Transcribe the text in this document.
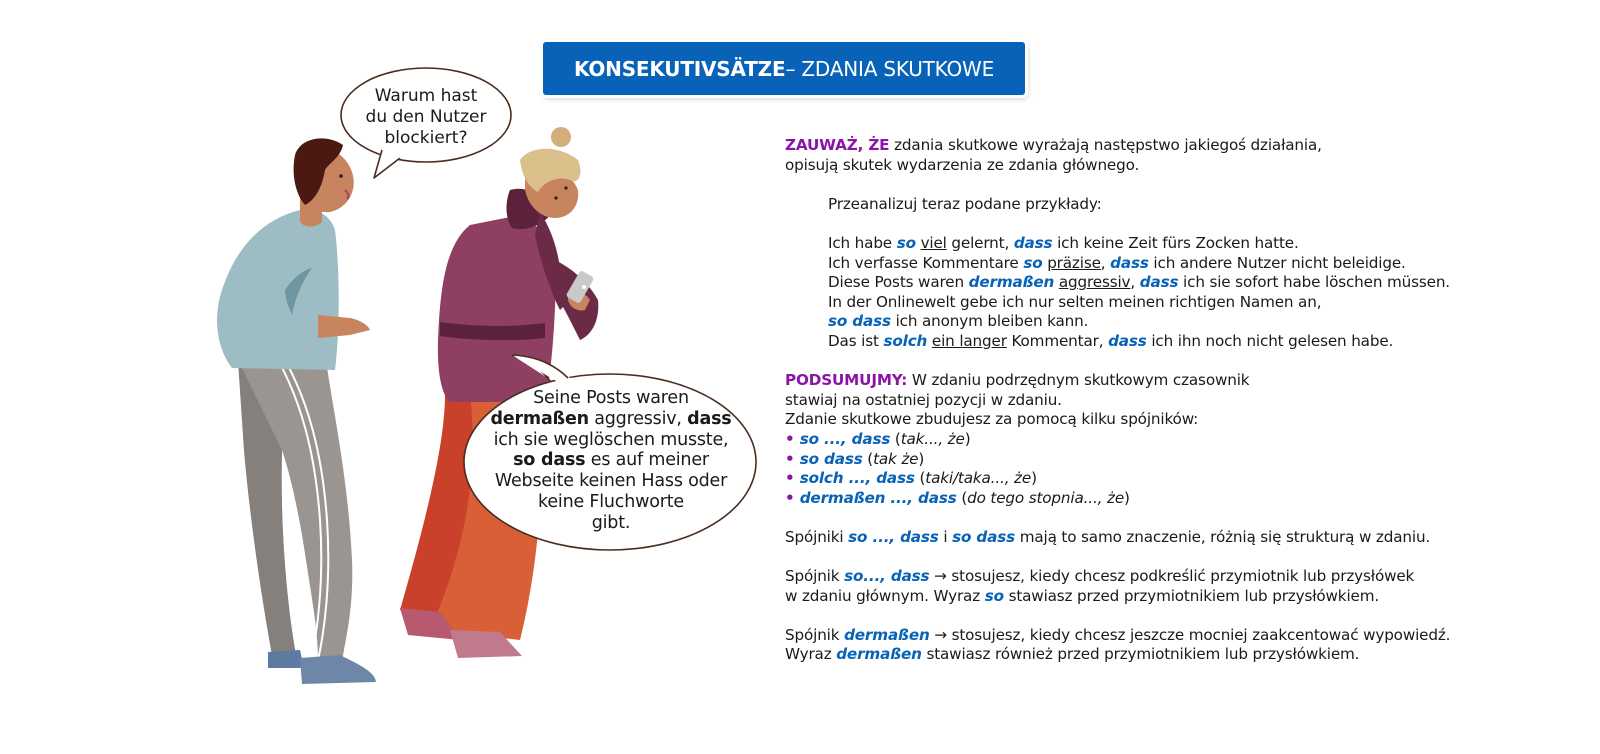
KONSEKUTIVSÄTZE – ZDANIA SKUTKOWE
Warum hast
du den Nutzer
blockiert?
Seine Posts waren
dermaßen aggressiv, dass
ich sie weglöschen musste,
so dass es auf meiner
Webseite keinen Hass oder
keine Fluchworte
gibt.
ZAUWAŻ, ŻE zdania skutkowe wyrażają następstwo jakiegoś działania,
opisują skutek wydarzenia ze zdania głównego.
Przeanalizuj teraz podane przykłady:
Ich habe so viel gelernt, dass ich keine Zeit fürs Zocken hatte.
Ich verfasse Kommentare so präzise, dass ich andere Nutzer nicht beleidige.
Diese Posts waren dermaßen aggressiv, dass ich sie sofort habe löschen müssen.
In der Onlinewelt gebe ich nur selten meinen richtigen Namen an,
so dass ich anonym bleiben kann.
Das ist solch ein langer Kommentar, dass ich ihn noch nicht gelesen habe.
PODSUMUJMY: W zdaniu podrzędnym skutkowym czasownik
stawiaj na ostatniej pozycji w zdaniu.
Zdanie skutkowe zbudujesz za pomocą kilku spójników:
• so ..., dass (tak..., że)
• so dass (tak że)
• solch ..., dass (taki/taka..., że)
• dermaßen ..., dass (do tego stopnia..., że)
Spójniki so ..., dass i so dass mają to samo znaczenie, różnią się strukturą w zdaniu.
Spójnik so..., dass → stosujesz, kiedy chcesz podkreślić przymiotnik lub przysłówek
w zdaniu głównym. Wyraz so stawiasz przed przymiotnikiem lub przysłówkiem.
Spójnik dermaßen → stosujesz, kiedy chcesz jeszcze mocniej zaakcentować wypowiedź.
Wyraz dermaßen stawiasz również przed przymiotnikiem lub przysłówkiem.
